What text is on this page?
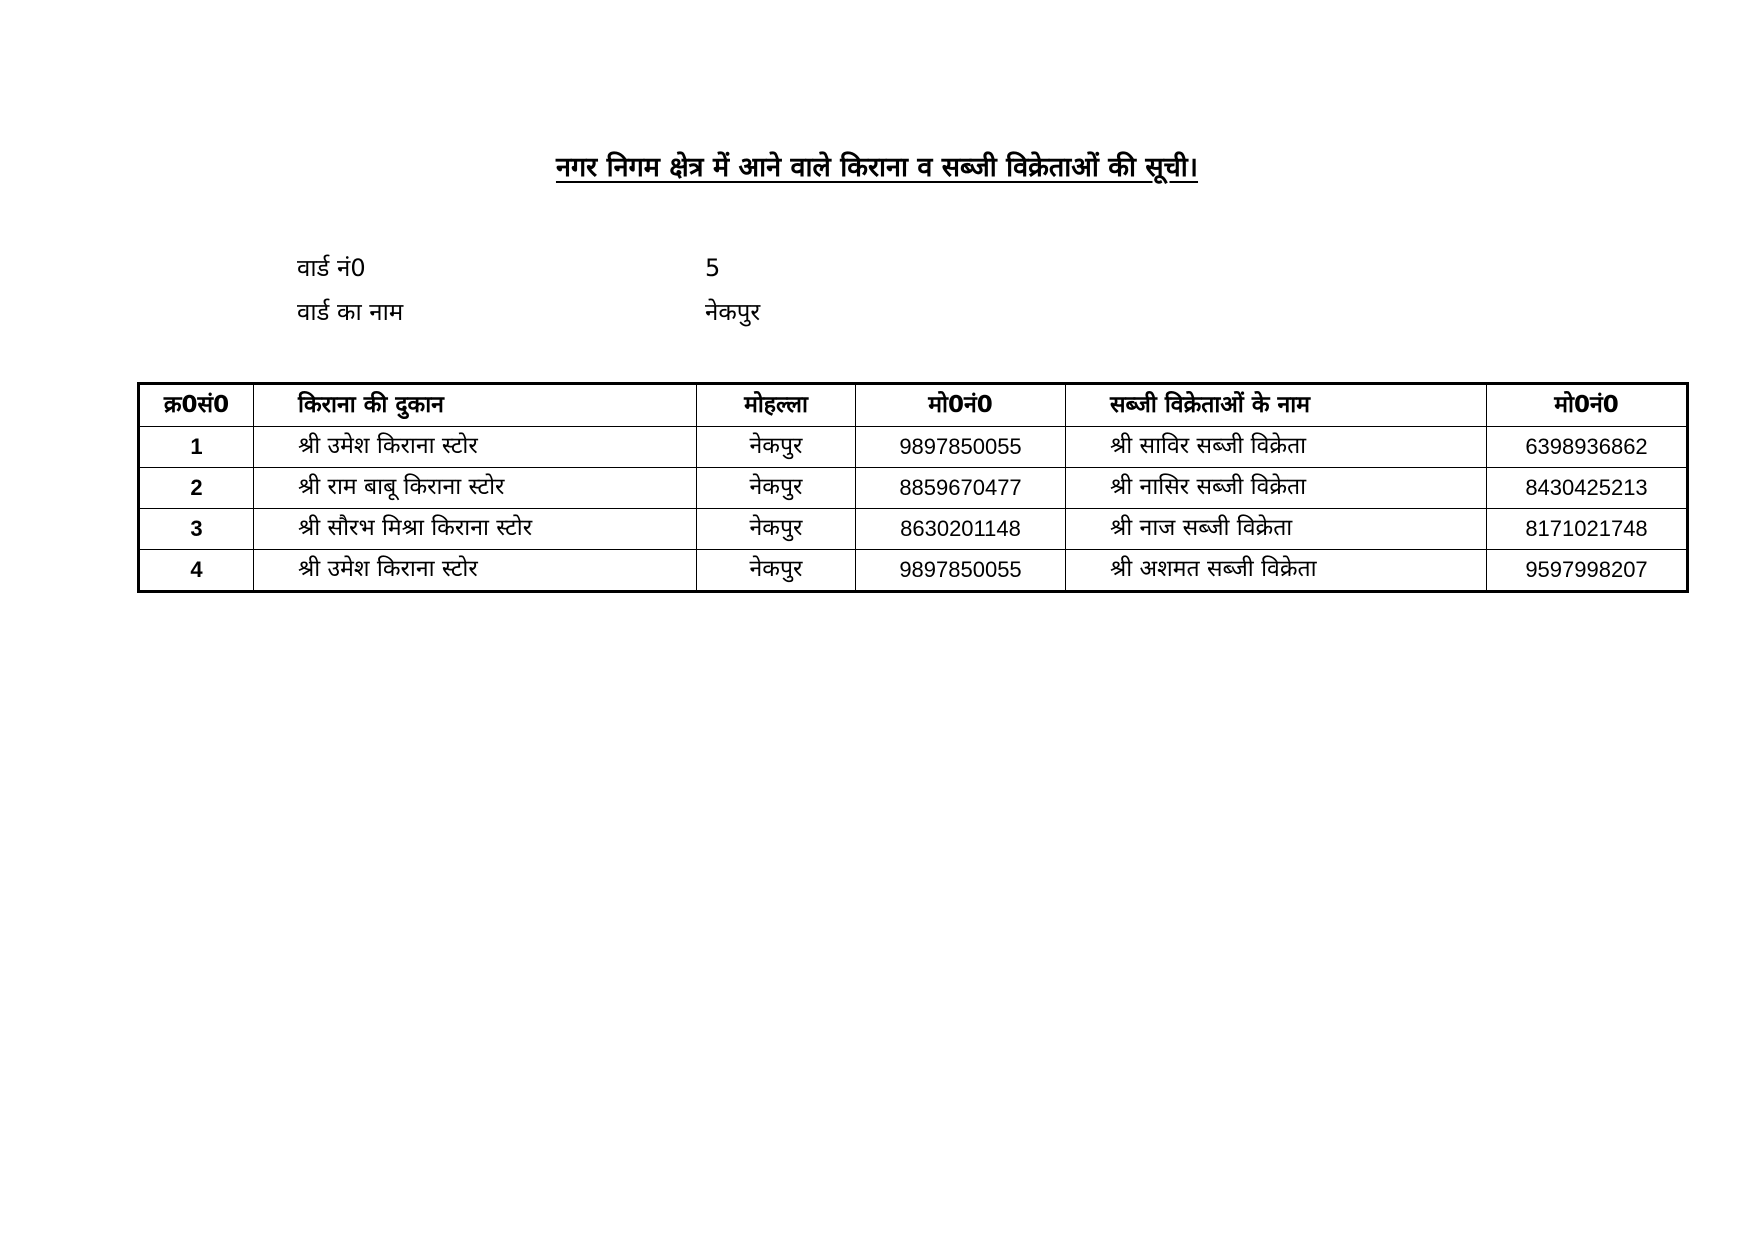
नगर निगम क्षेत्र में आने वाले किराना व सब्जी विक्रेताओं की सूची।
वार्ड नं0	5
वार्ड का नाम	नेकपुर
क्र0सं0	किराना की दुकान	मोहल्ला	मो0नं0	सब्जी विक्रेताओं के नाम	मो0नं0
1	श्री उमेश किराना स्टोर	नेकपुर	9897850055	श्री साविर सब्जी विक्रेता	6398936862
2	श्री राम बाबू किराना स्टोर	नेकपुर	8859670477	श्री नासिर सब्जी विक्रेता	8430425213
3	श्री सौरभ मिश्रा किराना स्टोर	नेकपुर	8630201148	श्री नाज सब्जी विक्रेता	8171021748
4	श्री उमेश किराना स्टोर	नेकपुर	9897850055	श्री अशमत सब्जी विक्रेता	9597998207
